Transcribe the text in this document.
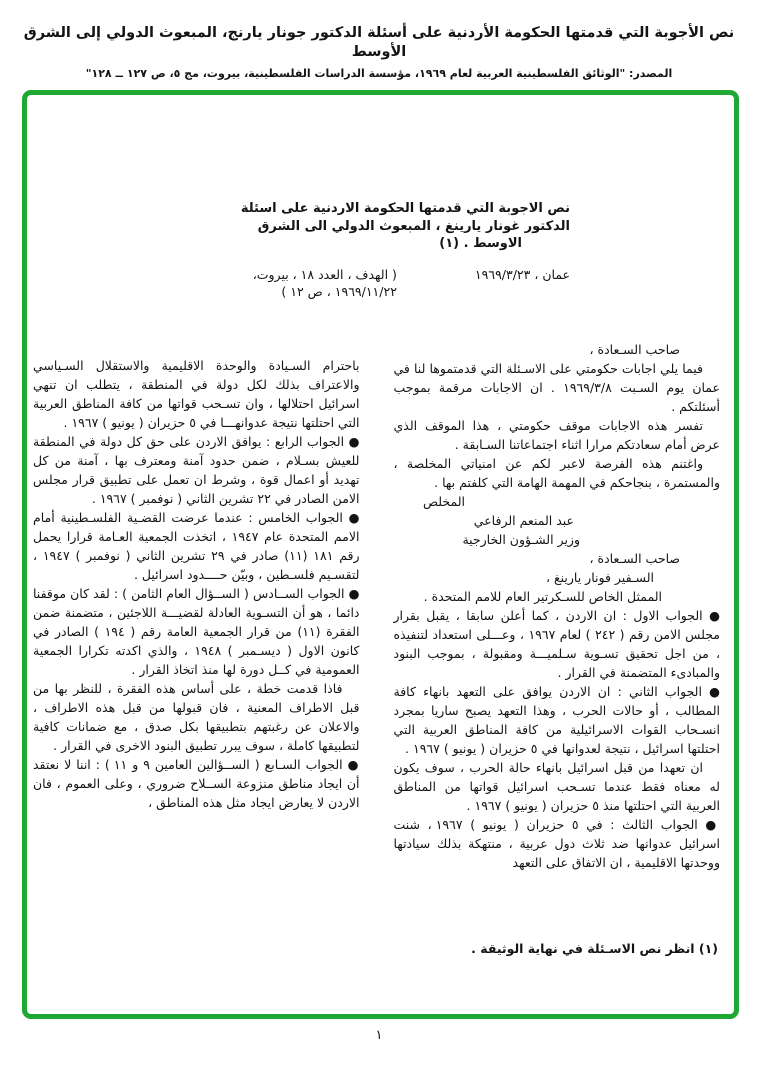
نص الأجوبة التي قدمتها الحكومة الأردنية على أسئلة الدكتور جونار يارنج، المبعوث الدولي إلى الشرق الأوسط
المصدر: "الوثائق الفلسطينية العربية لعام ١٩٦٩، مؤسسة الدراسات الفلسطينية، بيروت، مج ٥، ص ١٢٧ ــ ١٢٨"
نص الاجوبة التي قدمتها الحكومة الاردنية على اسئلة
الدكتور غونار يارينغ ، المبعوث الدولي الى الشرق
الاوسط . (١)
عمان ، ١٩٦٩/٣/٢٣
( الهدف ، العدد ١٨ ، بيروت،
١٩٦٩/١١/٢٢ ، ص ١٢ )

صاحب السـعادة ،

فيما يلي اجابات حكومتي على الاسـئلة التي قدمتموها لنا في عمان يوم السـبت ١٩٦٩/٣/٨ . ان الاجابات مرقمة بموجب أسئلتكم .

تفسر هذه الاجابات موقف حكومتي ، هذا الموقف الذي عرض أمام سعادتكم مرارا اثناء اجتماعاتنا السـابقة .

واغتنم هذه الفرصة لاعبر لكم عن امنياتي المخلصة ، والمستمرة ، بنجاحكم في المهمة الهامة التي كلفتم بها .

المخلص

عبد المنعم الرفاعي

وزير الشـؤون الخارجية

صاحب السـعادة ،

السـفير فونار يارينغ ،

الممثل الخاص للسـكرتير العام للامم المتحدة .

● الجواب الاول : ان الاردن ، كما أعلن سابقا ، يقبل بقرار مجلس الامن رقم ( ٢٤٢ ) لعام ١٩٦٧ ، وعـــلى استعداد لتنفيذه ، من اجل تحقيق تسـوية سـلميـــة ومقبولة ، بموجب البنود والمبادىء المتضمنة في القرار .

● الجواب الثاني : ان الاردن يوافق على التعهد بانهاء كافة المطالب ، أو حالات الحرب ، وهذا التعهد يصبح ساريا بمجرد انسـحاب القوات الاسرائيلية من كافة المناطق العربية التي احتلتها اسرائيل ، نتيجة لعدوانها في ٥ حزيران ( يونيو ) ١٩٦٧ .

ان تعهدا من قبل اسرائيل بانهاء حالة الحرب ، سوف يكون له معناه فقط عندما تسـحب اسرائيل قواتها من المناطق العربية التي احتلتها منذ ٥ حزيران ( يونيو ) ١٩٦٧ .

● الجواب الثالث : في ٥ حزيران ( يونيو ) ١٩٦٧ ، شنت اسرائيل عدوانها ضد ثلاث دول عربية ، منتهكة بذلك سيادتها ووحدتها الاقليمية ، ان الاتفاق على التعهد

باحترام السـيادة والوحدة الاقليمية والاستقلال السـياسي والاعتراف بذلك لكل دولة في المنطقة ، يتطلب ان تنهي اسرائيل احتلالها ، وان تسـحب قواتها من كافة المناطق العربية التي احتلتها نتيجة عدوانهـــا في ٥ حزيران ( يونيو ) ١٩٦٧ .

● الجواب الرابع : يوافق الاردن على حق كل دولة في المنطقة للعيش بسـلام ، ضمن حدود آمنة ومعترف بها ، آمنة من كل تهديد أو اعمال قوة ، وشرط ان تعمل على تطبيق قرار مجلس الامن الصادر في ٢٢ تشرين الثاني ( نوفمبر ) ١٩٦٧ .

● الجواب الخامس : عندما عرضت القضـية الفلسـطينية أمام الامم المتحدة عام ١٩٤٧ ، اتخذت الجمعية العـامة قرارا يحمل رقم ١٨١ (١١) صادر في ٢٩ تشرين الثاني ( نوفمبر ) ١٩٤٧ ، لتقسـيم فلسـطين ، وبيّن حــــدود اسرائيل .

● الجواب الســادس ( الســؤال العام الثامن ) : لقد كان موقفنا دائما ، هو أن التسـوية العادلة لقضيـــة اللاجئين ، متضمنة ضمن الفقرة (١١) من قرار الجمعية العامة رقم ( ١٩٤ ) الصادر في كانون الاول ( ديسـمبر ) ١٩٤٨ ، والذي اكدته تكرارا الجمعية العمومية في كــل دورة لها منذ اتخاذ القرار .

فاذا قدمت خطة ، على أساس هذه الفقرة ، للنظر بها من قبل الاطراف المعنية ، فان قبولها من قبل هذه الاطراف ، والاعلان عن رغبتهم بتطبيقها بكل صدق ، مع ضمانات كافية لتطبيقها كاملة ، سوف يبرر تطبيق البنود الاخرى في القرار .

● الجواب السـابع ( الســؤالين العامين ٩ و ١١ ) : اننا لا نعتقد أن ايجاد مناطق منزوعة الســلاح ضروري ، وعلى العموم ، فان الاردن لا يعارض ايجاد مثل هذه المناطق ،

(١) انظر نص الاسـئلة في نهاية الوثيقة .
١
